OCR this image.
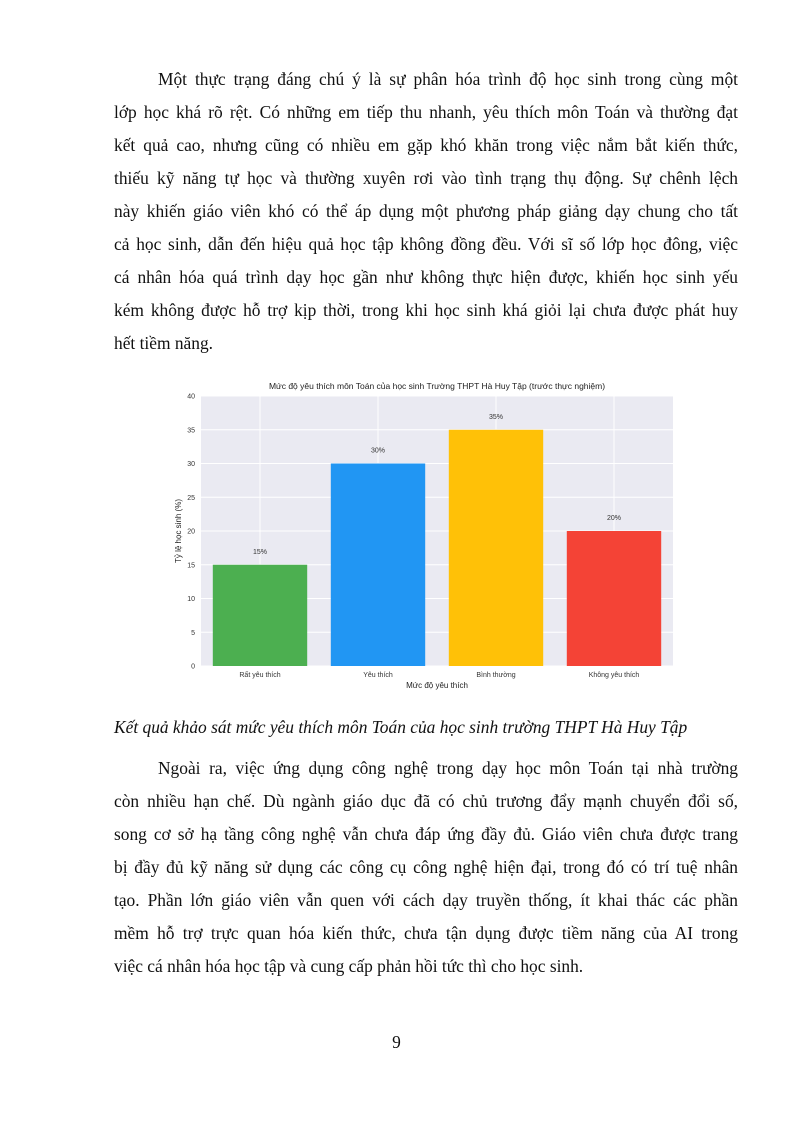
Một thực trạng đáng chú ý là sự phân hóa trình độ học sinh trong cùng một
lớp học khá rõ rệt. Có những em tiếp thu nhanh, yêu thích môn Toán và thường đạt
kết quả cao, nhưng cũng có nhiều em gặp khó khăn trong việc nắm bắt kiến thức,
thiếu kỹ năng tự học và thường xuyên rơi vào tình trạng thụ động. Sự chênh lệch
này khiến giáo viên khó có thể áp dụng một phương pháp giảng dạy chung cho tất
cả học sinh, dẫn đến hiệu quả học tập không đồng đều. Với sĩ số lớp học đông, việc
cá nhân hóa quá trình dạy học gần như không thực hiện được, khiến học sinh yếu
kém không được hỗ trợ kịp thời, trong khi học sinh khá giỏi lại chưa được phát huy
hết tiềm năng.
0
5
10
15
20
25
30
35
40
15%
Rất yêu thích
30%
Yêu thích
35%
Bình thường
20%
Không yêu thích
Mức độ yêu thích môn Toán của học sinh Trường THPT Hà Huy Tập (trước thực nghiệm)
Mức độ yêu thích
Tỷ lệ học sinh (%)

Kết quả khảo sát mức yêu thích môn Toán của học sinh trường THPT Hà Huy Tập

Ngoài ra, việc ứng dụng công nghệ trong dạy học môn Toán tại nhà trường
còn nhiều hạn chế. Dù ngành giáo dục đã có chủ trương đẩy mạnh chuyển đổi số,
song cơ sở hạ tầng công nghệ vẫn chưa đáp ứng đầy đủ. Giáo viên chưa được trang
bị đầy đủ kỹ năng sử dụng các công cụ công nghệ hiện đại, trong đó có trí tuệ nhân
tạo. Phần lớn giáo viên vẫn quen với cách dạy truyền thống, ít khai thác các phần
mềm hỗ trợ trực quan hóa kiến thức, chưa tận dụng được tiềm năng của AI trong
việc cá nhân hóa học tập và cung cấp phản hồi tức thì cho học sinh.
9
